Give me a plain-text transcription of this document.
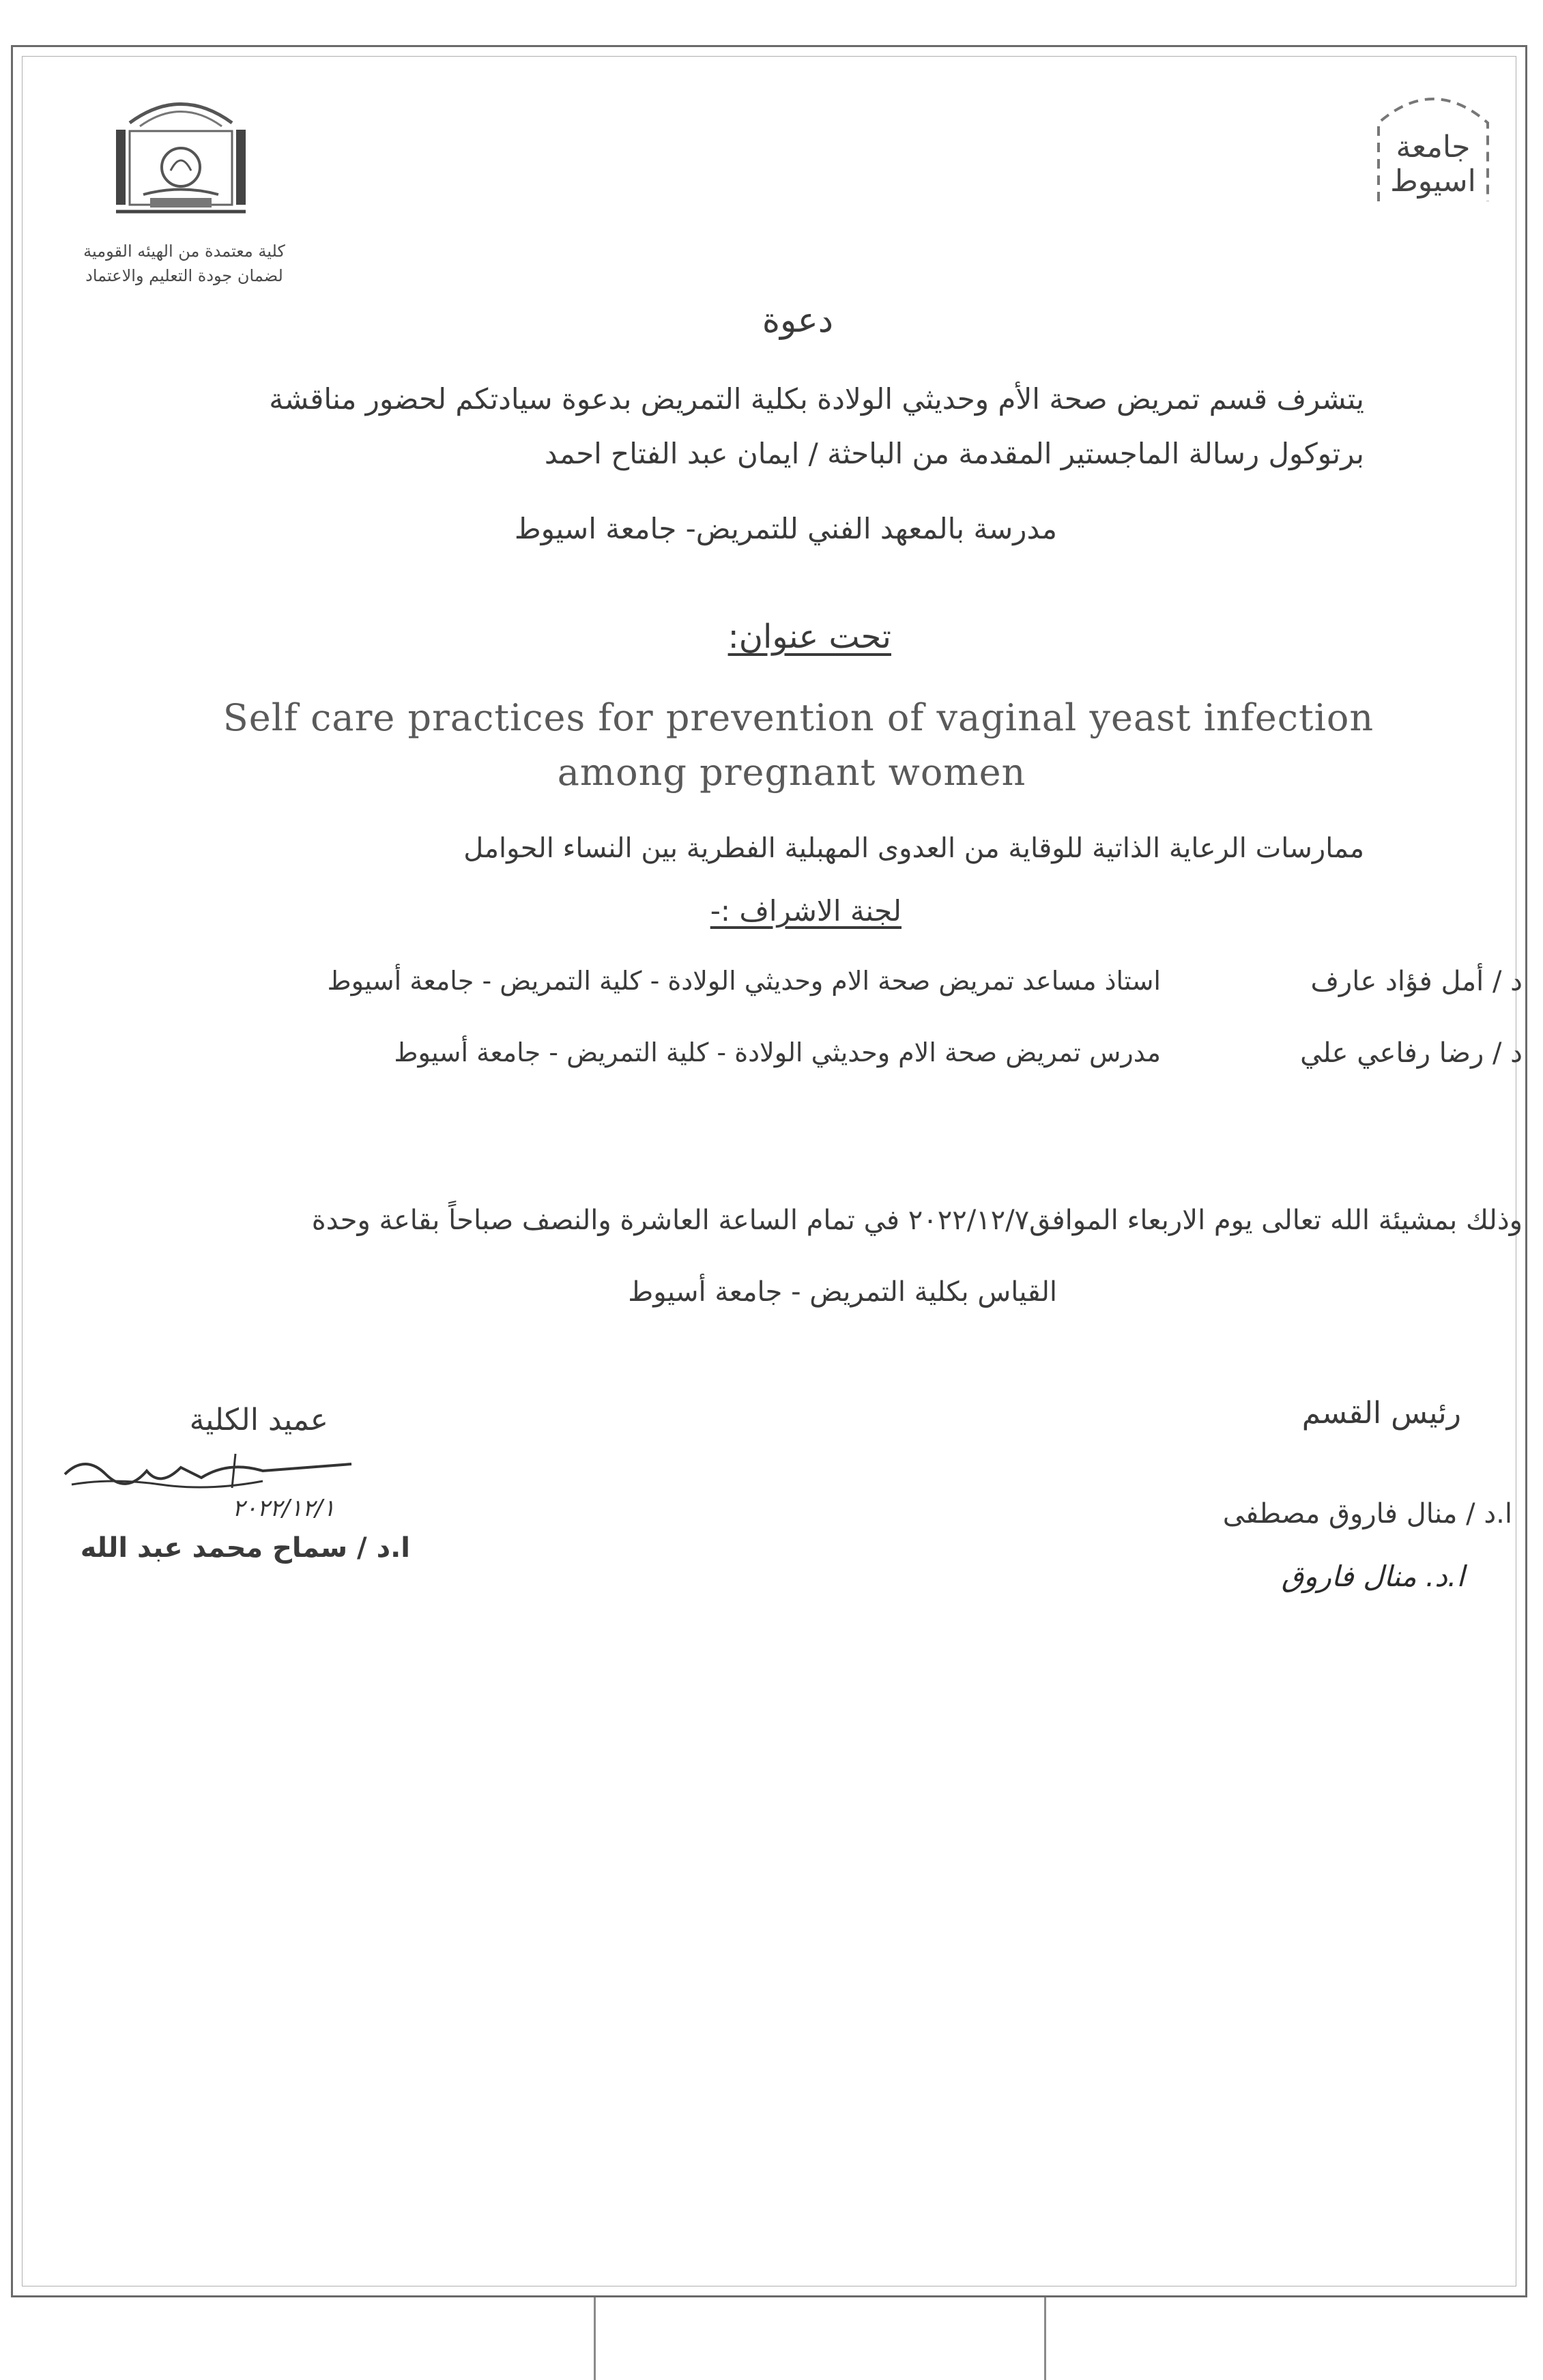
كلية معتمدة من الهيئه القومية
لضمان جودة التعليم والاعتماد
جامعة
اسيوط
دعوة
يتشرف قسم تمريض صحة الأم وحديثي الولادة بكلية التمريض بدعوة سيادتكم لحضور مناقشة
برتوكول رسالة الماجستير المقدمة من الباحثة / ايمان عبد الفتاح احمد
مدرسة بالمعهد الفني للتمريض- جامعة اسيوط
تحت عنوان:
Self care practices for prevention of vaginal yeast infection
among pregnant women
ممارسات الرعاية الذاتية للوقاية من العدوى المهبلية الفطرية بين النساء الحوامل
لجنة الاشراف :-
د / أمل فؤاد عارف
استاذ مساعد تمريض صحة الام وحديثي الولادة - كلية التمريض - جامعة أسيوط
د / رضا رفاعي علي
مدرس تمريض صحة الام وحديثي الولادة - كلية التمريض - جامعة أسيوط
وذلك بمشيئة الله تعالى يوم الاربعاء الموافق٢٠٢٢/١٢/٧ في تمام الساعة العاشرة والنصف صباحاً بقاعة وحدة
القياس بكلية التمريض - جامعة أسيوط
عميد الكلية
٢٠٢٢/١٢/١
ا.د / سماح محمد عبد الله
رئيس القسم
ا.د / منال فاروق مصطفى
ا.د. منال فاروق
